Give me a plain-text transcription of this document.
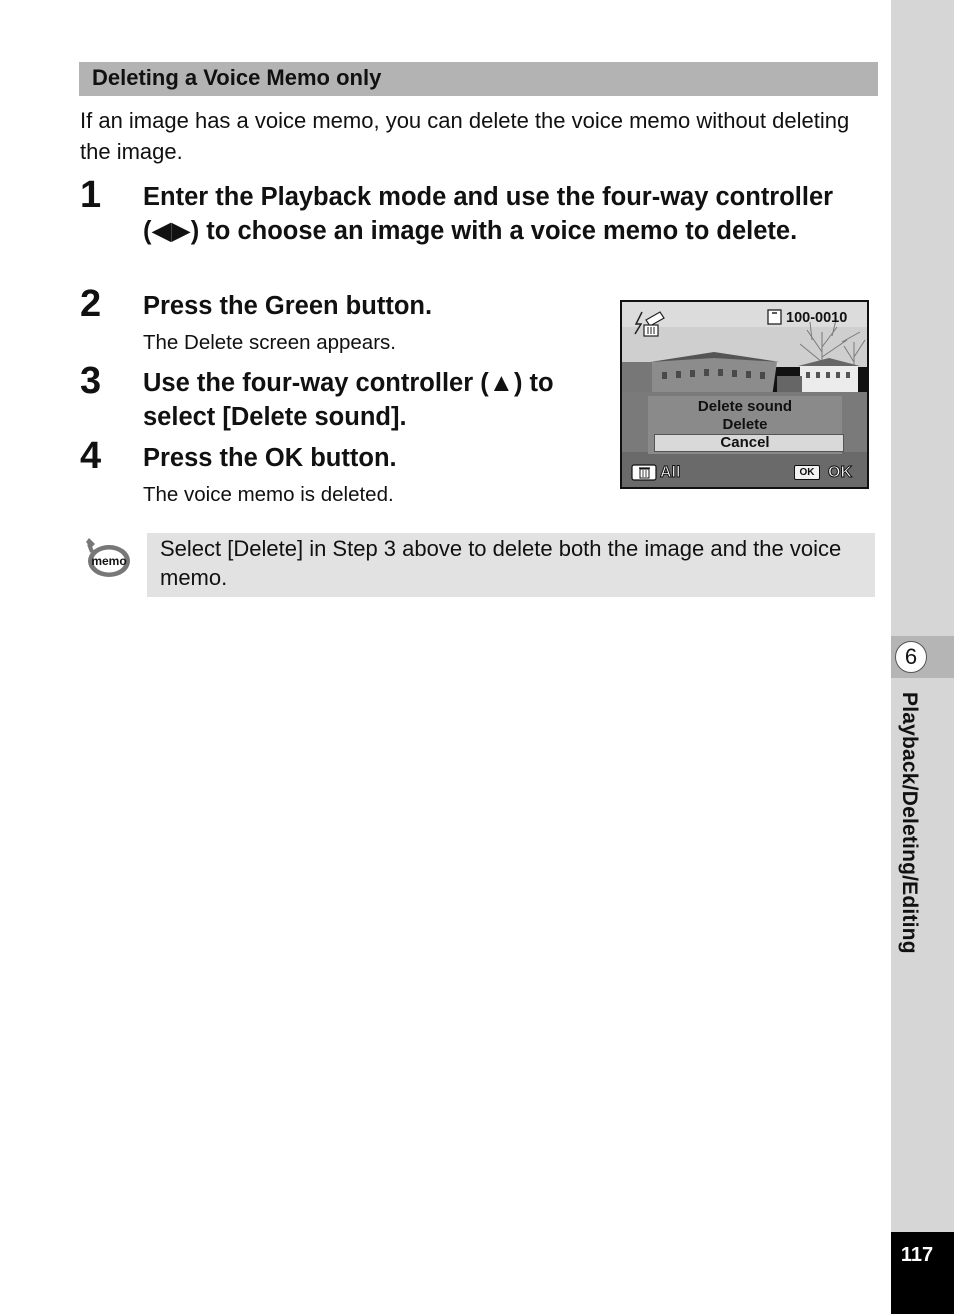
6
Playback/Deleting/Editing
117
Deleting a Voice Memo only

If an image has a voice memo, you can delete the voice memo without deleting the image.

1 Enter the Playback mode and use the four-way controller (◀▶) to choose an image with a voice memo to delete.

2 Press the Green button.

The Delete screen appears.

3 Use the four-way controller (▲) to select [Delete sound].

4 Press the OK button.

The voice memo is deleted.

100-0010
Delete sound
Delete
Cancel
All	OK OK
memo Select [Delete] in Step 3 above to delete both the image and the voice memo.
